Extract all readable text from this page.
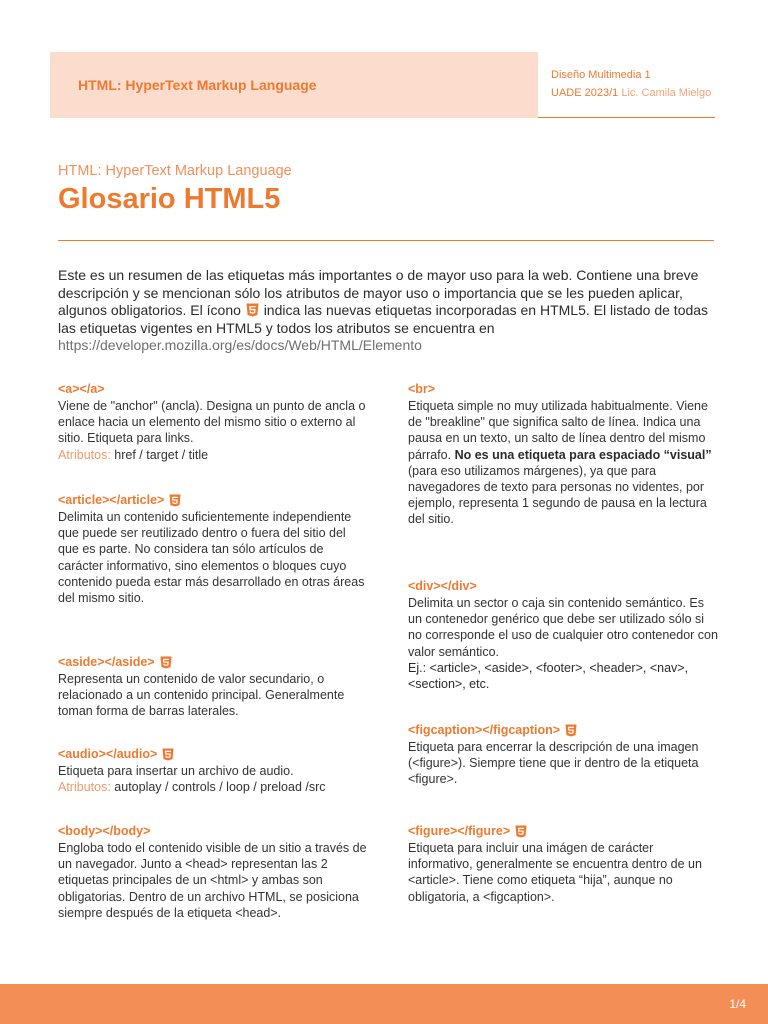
HTML: HyperText Markup Language
Diseño Multimedia 1
UADE 2023/1 Lic. Camila Mielgo
HTML: HyperText Markup Language
Glosario HTML5
Este es un resumen de las etiquetas más importantes o de mayor uso para la web. Contiene una breve descripción y se mencionan sólo los atributos de mayor uso o importancia que se les pueden aplicar, algunos obligatorios. El ícono indica las nuevas etiquetas incorporadas en HTML5. El listado de todas las etiquetas vigentes en HTML5 y todos los atributos se encuentra en https://developer.mozilla.org/es/docs/Web/HTML/Elemento
<a></a>
Viene de "anchor" (ancla). Designa un punto de ancla o enlace hacia un elemento del mismo sitio o externo al sitio. Etiqueta para links.
Atributos: href / target / title
<article></article>
Delimita un contenido suficientemente independiente que puede ser reutilizado dentro o fuera del sitio del que es parte. No considera tan sólo artículos de carácter informativo, sino elementos o bloques cuyo contenido pueda estar más desarrollado en otras áreas del mismo sitio.
<aside></aside>
Representa un contenido de valor secundario, o relacionado a un contenido principal. Generalmente toman forma de barras laterales.
<audio></audio>
Etiqueta para insertar un archivo de audio.
Atributos: autoplay / controls / loop / preload /src
<body></body>
Engloba todo el contenido visible de un sitio a través de un navegador. Junto a <head> representan las 2 etiquetas principales de un <html> y ambas son obligatorias. Dentro de un archivo HTML, se posiciona siempre después de la etiqueta <head>.
<br>
Etiqueta simple no muy utilizada habitualmente. Viene de "breakline" que significa salto de línea. Indica una pausa en un texto, un salto de línea dentro del mismo párrafo. No es una etiqueta para espaciado “visual” (para eso utilizamos márgenes), ya que para navegadores de texto para personas no videntes, por ejemplo, representa 1 segundo de pausa en la lectura del sitio.
<div></div>
Delimita un sector o caja sin contenido semántico. Es un contenedor genérico que debe ser utilizado sólo si no corresponde el uso de cualquier otro contenedor con valor semántico.
Ej.: <article>, <aside>, <footer>, <header>, <nav>, <section>, etc.
<figcaption></figcaption>
Etiqueta para encerrar la descripción de una imagen (<figure>). Siempre tiene que ir dentro de la etiqueta <figure>.
<figure></figure>
Etiqueta para incluir una imágen de carácter informativo, generalmente se encuentra dentro de un <article>. Tiene como etiqueta “hija”, aunque no obligatoria, a <figcaption>.
1/4
